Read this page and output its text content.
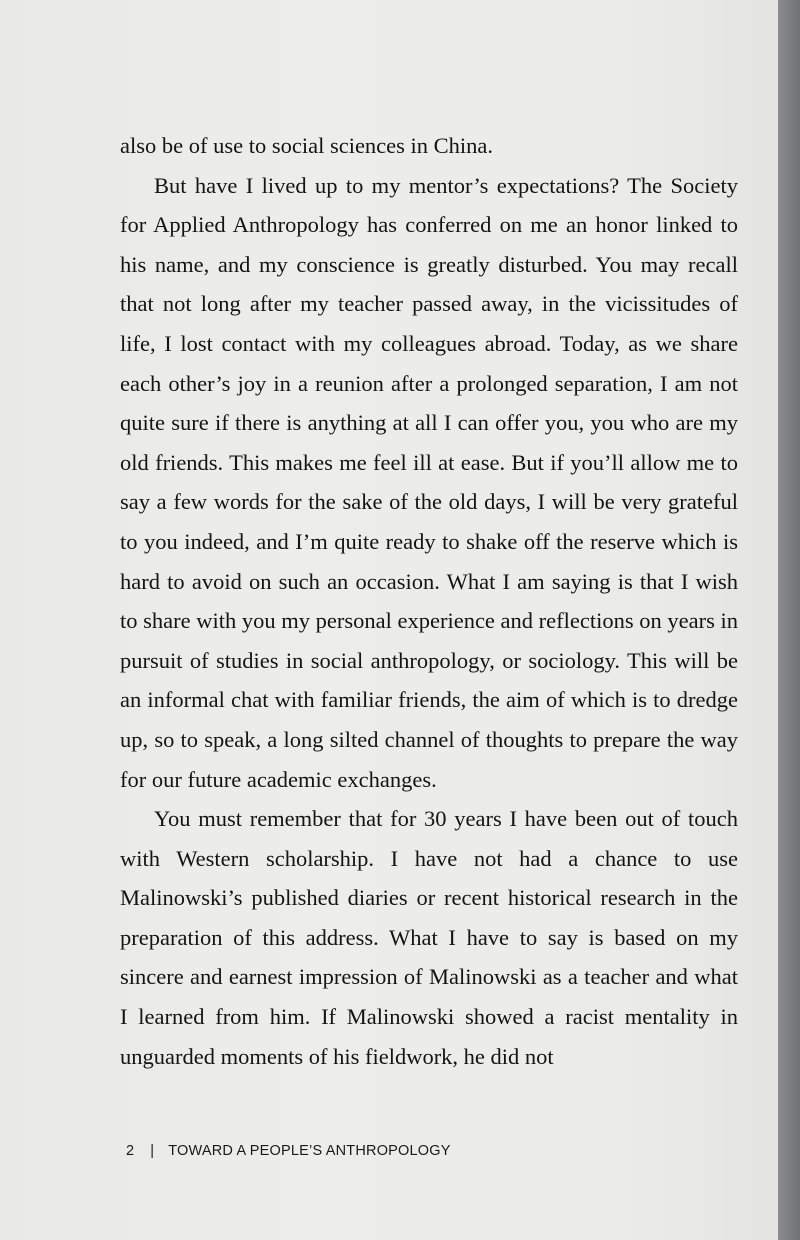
also be of use to social sciences in China.

But have I lived up to my mentor’s expectations? The Society for Applied Anthropology has conferred on me an honor linked to his name, and my conscience is greatly disturbed. You may recall that not long after my teacher passed away, in the vicissitudes of life, I lost contact with my colleagues abroad. Today, as we share each other’s joy in a reunion after a prolonged separation, I am not quite sure if there is anything at all I can offer you, you who are my old friends. This makes me feel ill at ease. But if you’ll allow me to say a few words for the sake of the old days, I will be very grateful to you indeed, and I’m quite ready to shake off the reserve which is hard to avoid on such an occasion. What I am saying is that I wish to share with you my personal experience and reflections on years in pursuit of studies in social anthropology, or sociology. This will be an informal chat with familiar friends, the aim of which is to dredge up, so to speak, a long silted channel of thoughts to prepare the way for our future academic exchanges.

You must remember that for 30 years I have been out of touch with Western scholarship. I have not had a chance to use Malinowski’s published diaries or recent historical research in the preparation of this address. What I have to say is based on my sincere and earnest impression of Malinowski as a teacher and what I learned from him. If Malinowski showed a racist mentality in unguarded moments of his fieldwork, he did not

2 | TOWARD A PEOPLE’S ANTHROPOLOGY
